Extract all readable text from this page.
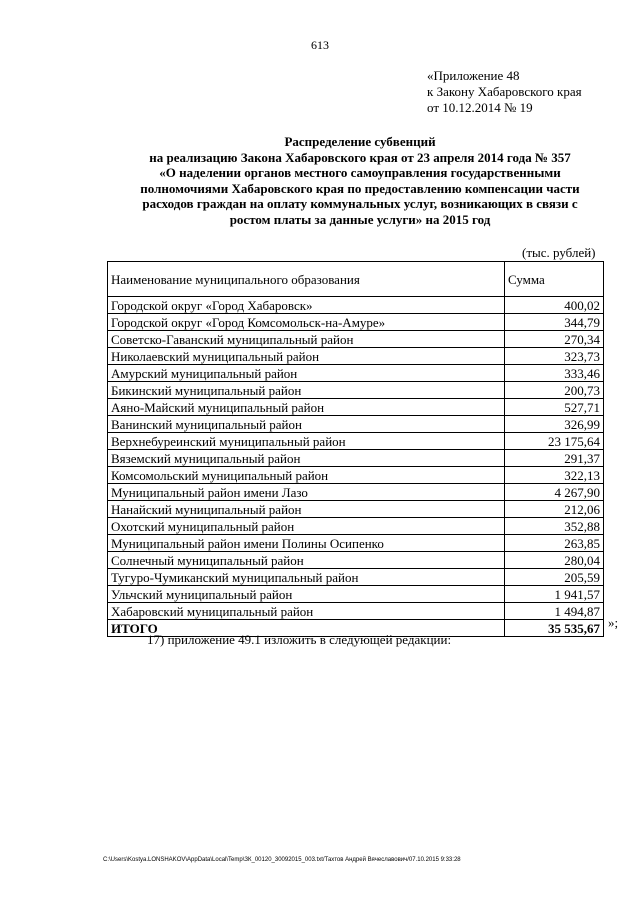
613
«Приложение 48
к Закону Хабаровского края
от 10.12.2014 № 19
Распределение субвенций
на реализацию Закона Хабаровского края от 23 апреля 2014 года № 357
«О наделении органов местного самоуправления государственными
полномочиями Хабаровского края по предоставлению компенсации части
расходов граждан на оплату коммунальных услуг, возникающих в связи с
ростом платы за данные услуги» на 2015 год
(тыс. рублей)
Наименование муниципального образования	Сумма
Городской округ «Город Хабаровск»	400,02
Городской округ «Город Комсомольск-на-Амуре»	344,79
Советско-Гаванский муниципальный район	270,34
Николаевский муниципальный район	323,73
Амурский муниципальный район	333,46
Бикинский муниципальный район	200,73
Аяно-Майский муниципальный район	527,71
Ванинский муниципальный район	326,99
Верхнебуреинский муниципальный район	23 175,64
Вяземский муниципальный район	291,37
Комсомольский муниципальный район	322,13
Муниципальный район имени Лазо	4 267,90
Нанайский муниципальный район	212,06
Охотский муниципальный район	352,88
Муниципальный район имени Полины Осипенко	263,85
Солнечный муниципальный район	280,04
Тугуро-Чумиканский муниципальный район	205,59
Ульчский муниципальный район	1 941,57
Хабаровский муниципальный район	1 494,87
ИТОГО	35 535,67 »;
17) приложение 49.1 изложить в следующей редакции:
C:\Users\Kostya.LONSHAKOV\AppData\Local\Temp\ЗК_00120_30092015_003.txt/Тахтов Андрей Вячеславович/07.10.2015 9:33:28
